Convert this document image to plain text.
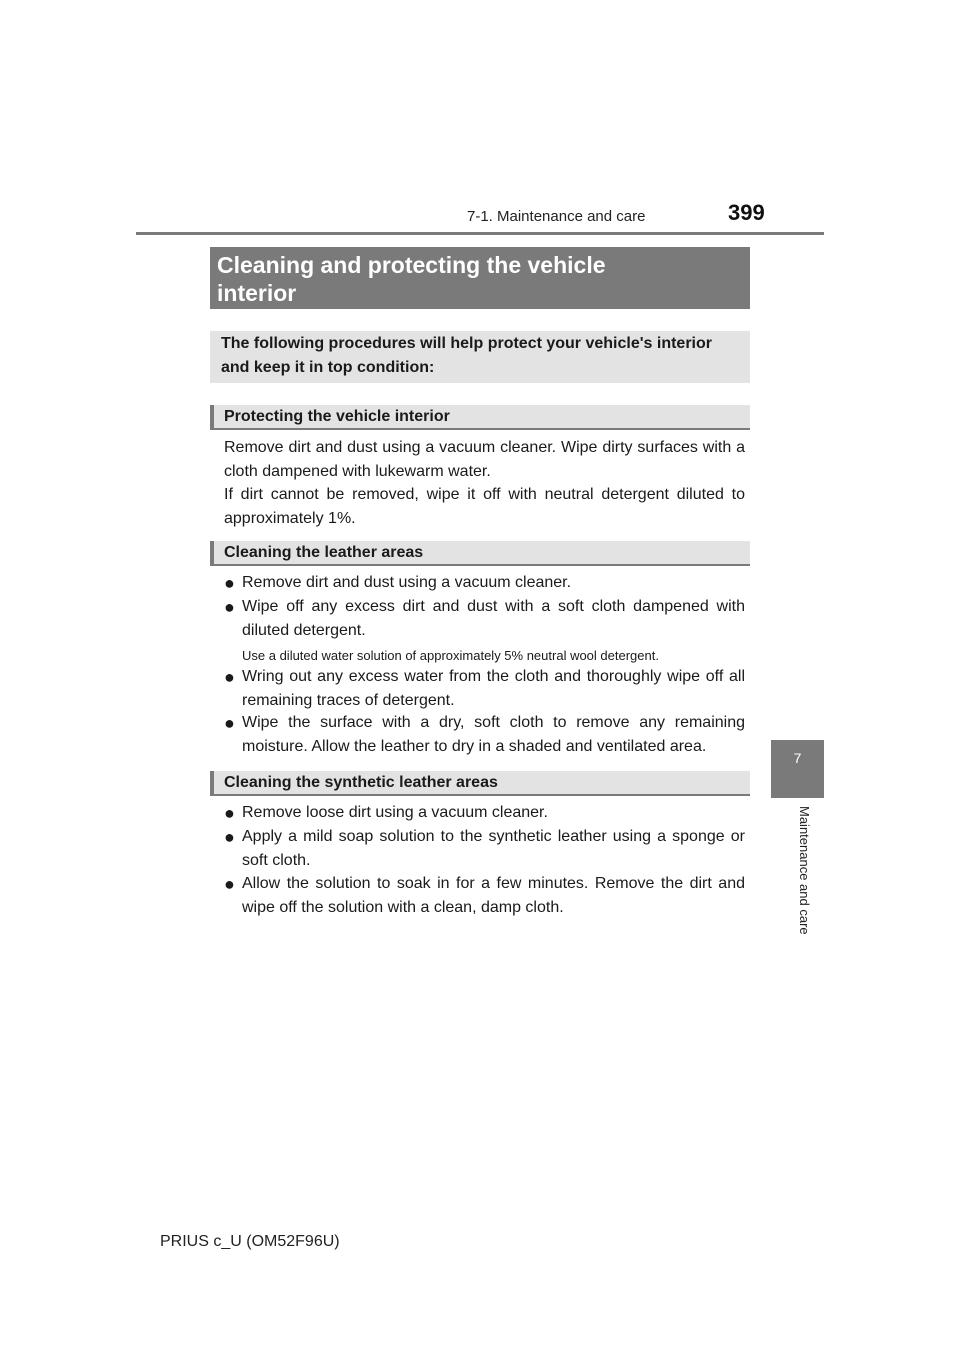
7-1. Maintenance and care	399
7
Maintenance and care
Cleaning and protecting the vehicle
interior
The following procedures will help protect your vehicle's interior
and keep it in top condition:
Protecting the vehicle interior
Remove dirt and dust using a vacuum cleaner. Wipe dirty surfaces with a cloth dampened with lukewarm water.
If dirt cannot be removed, wipe it off with neutral detergent diluted to approximately 1%.
Cleaning the leather areas
● Remove dirt and dust using a vacuum cleaner.
● Wipe off any excess dirt and dust with a soft cloth dampened with diluted detergent.
Use a diluted water solution of approximately 5% neutral wool detergent.
● Wring out any excess water from the cloth and thoroughly wipe off all remaining traces of detergent.
● Wipe the surface with a dry, soft cloth to remove any remaining moisture. Allow the leather to dry in a shaded and ventilated area.
Cleaning the synthetic leather areas
● Remove loose dirt using a vacuum cleaner.
● Apply a mild soap solution to the synthetic leather using a sponge or soft cloth.
● Allow the solution to soak in for a few minutes. Remove the dirt and wipe off the solution with a clean, damp cloth.
PRIUS c_U (OM52F96U)
